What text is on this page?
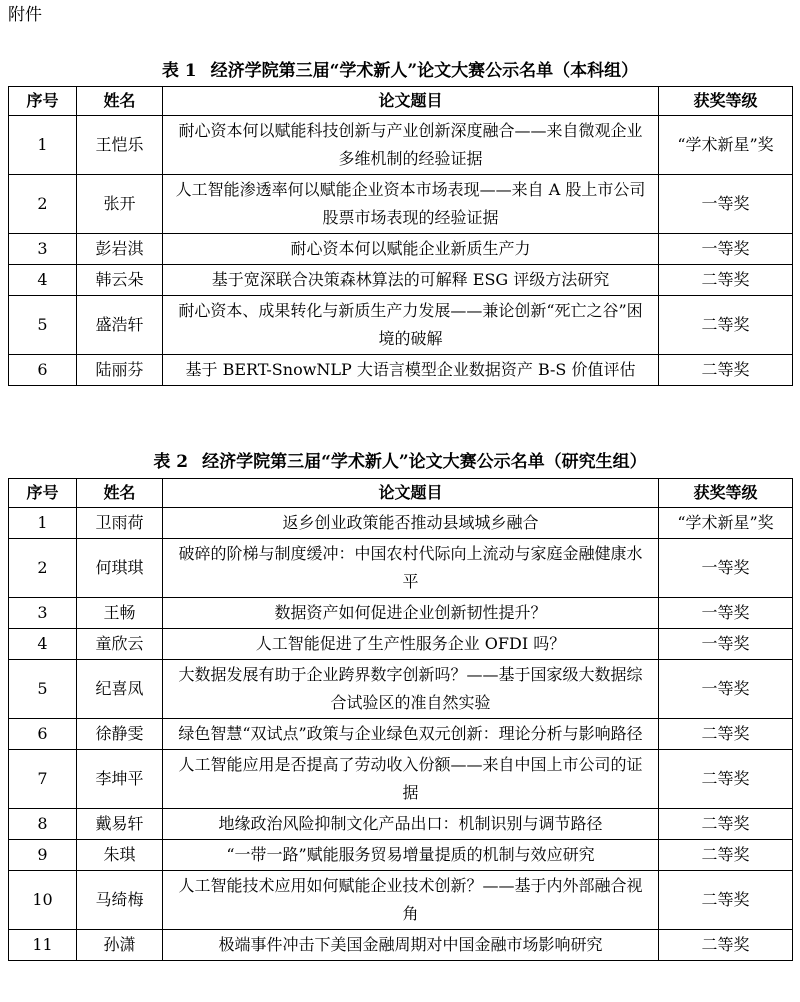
附件
表 1 经济学院第三届“学术新人”论文大赛公示名单（本科组）
序号	姓名	论文题目	获奖等级
1	王恺乐	耐心资本何以赋能科技创新与产业创新深度融合——来自微观企业多维机制的经验证据	“学术新星”奖
2	张开	人工智能渗透率何以赋能企业资本市场表现——来自 A 股上市公司股票市场表现的经验证据	一等奖
3	彭岩淇	耐心资本何以赋能企业新质生产力	一等奖
4	韩云朵	基于宽深联合决策森林算法的可解释 ESG 评级方法研究	二等奖
5	盛浩轩	耐心资本、成果转化与新质生产力发展——兼论创新“死亡之谷”困境的破解	二等奖
6	陆丽芬	基于 BERT-SnowNLP 大语言模型企业数据资产 B-S 价值评估	二等奖
表 2 经济学院第三届“学术新人”论文大赛公示名单（研究生组）
序号	姓名	论文题目	获奖等级
1	卫雨荷	返乡创业政策能否推动县域城乡融合	“学术新星”奖
2	何琪琪	破碎的阶梯与制度缓冲：中国农村代际向上流动与家庭金融健康水平	一等奖
3	王畅	数据资产如何促进企业创新韧性提升？	一等奖
4	童欣云	人工智能促进了生产性服务企业 OFDI 吗？	一等奖
5	纪喜凤	大数据发展有助于企业跨界数字创新吗？——基于国家级大数据综合试验区的准自然实验	一等奖
6	徐静雯	绿色智慧“双试点”政策与企业绿色双元创新：理论分析与影响路径	二等奖
7	李坤平	人工智能应用是否提高了劳动收入份额——来自中国上市公司的证据	二等奖
8	戴易轩	地缘政治风险抑制文化产品出口：机制识别与调节路径	二等奖
9	朱琪	“一带一路”赋能服务贸易增量提质的机制与效应研究	二等奖
10	马绮梅	人工智能技术应用如何赋能企业技术创新？——基于内外部融合视角	二等奖
11	孙潇	极端事件冲击下美国金融周期对中国金融市场影响研究	二等奖
